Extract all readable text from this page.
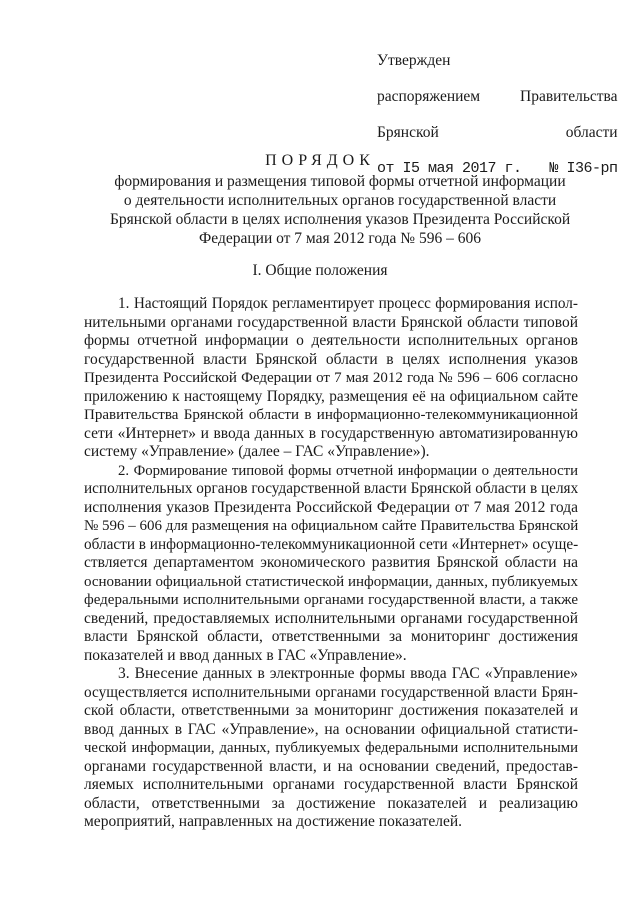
Утвержден

распоряжением Правительства

Брянской области

от I5 мая 2017 г. № I36-рп
ПОРЯДОК
формирования и размещения типовой формы отчетной информации
о деятельности исполнительных органов государственной власти
Брянской области в целях исполнения указов Президента Российской
Федерации от 7 мая 2012 года № 596 – 606
I. Общие положения

1. Настоящий Порядок регламентирует процесс формирования испол-
нительными органами государственной власти Брянской области типовой
формы отчетной информации о деятельности исполнительных органов
государственной власти Брянской области в целях исполнения указов
Президента Российской Федерации от 7 мая 2012 года № 596 – 606 согласно
приложению к настоящему Порядку, размещения её на официальном сайте
Правительства Брянской области в информационно-телекоммуникационной
сети «Интернет» и ввода данных в государственную автоматизированную
систему «Управление» (далее – ГАС «Управление»).

2. Формирование типовой формы отчетной информации о деятельности
исполнительных органов государственной власти Брянской области в целях
исполнения указов Президента Российской Федерации от 7 мая 2012 года
№ 596 – 606 для размещения на официальном сайте Правительства Брянской
области в информационно-телекоммуникационной сети «Интернет» осуще-
ствляется департаментом экономического развития Брянской области на
основании официальной статистической информации, данных, публикуемых
федеральными исполнительными органами государственной власти, а также
сведений, предоставляемых исполнительными органами государственной
власти Брянской области, ответственными за мониторинг достижения
показателей и ввод данных в ГАС «Управление».

3. Внесение данных в электронные формы ввода ГАС «Управление»
осуществляется исполнительными органами государственной власти Брян-
ской области, ответственными за мониторинг достижения показателей и
ввод данных в ГАС «Управление», на основании официальной статисти-
ческой информации, данных, публикуемых федеральными исполнительными
органами государственной власти, и на основании сведений, предостав-
ляемых исполнительными органами государственной власти Брянской
области, ответственными за достижение показателей и реализацию
мероприятий, направленных на достижение показателей.
